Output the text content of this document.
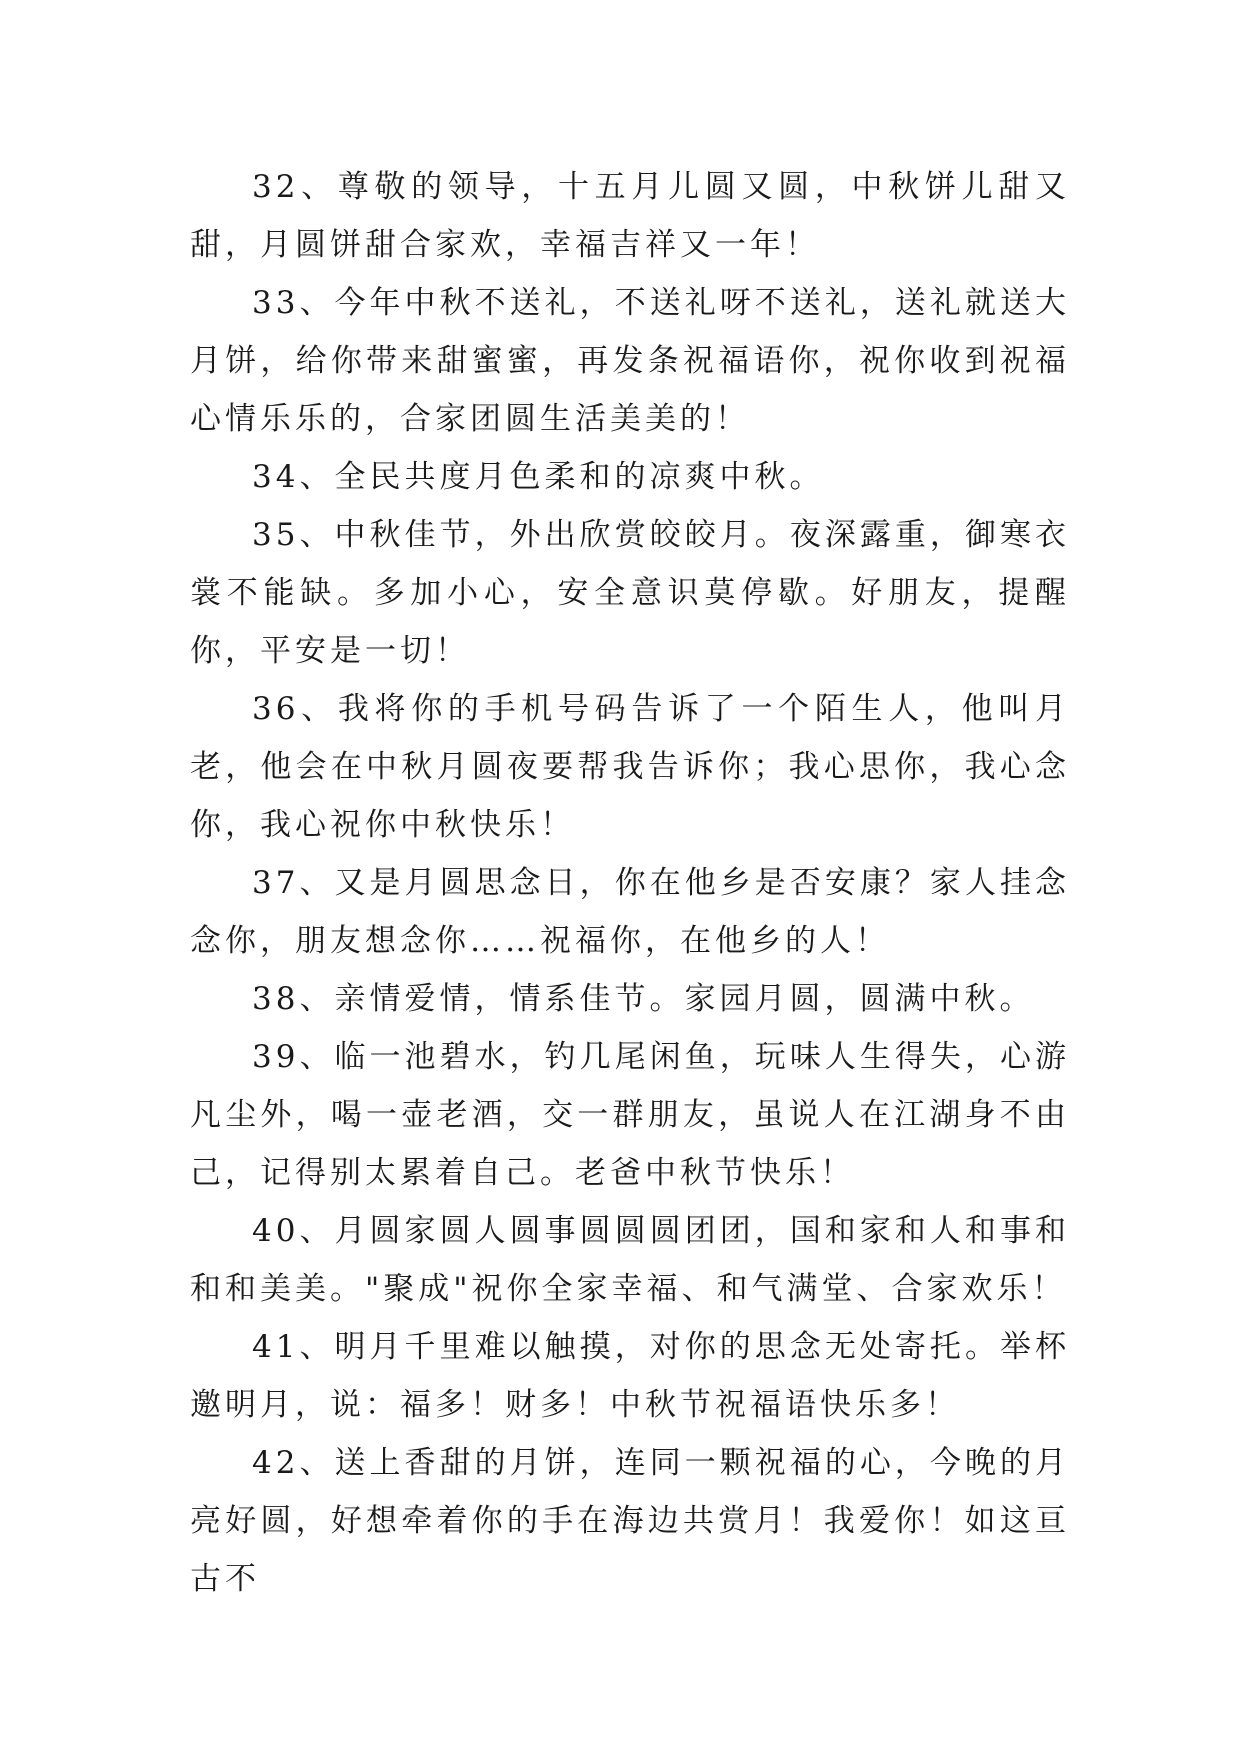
32、尊敬的领导，十五月儿圆又圆，中秋饼儿甜又甜，月圆饼甜合家欢，幸福吉祥又一年！

33、今年中秋不送礼，不送礼呀不送礼，送礼就送大月饼，给你带来甜蜜蜜，再发条祝福语你，祝你收到祝福心情乐乐的，合家团圆生活美美的！

34、全民共度月色柔和的凉爽中秋。

35、中秋佳节，外出欣赏皎皎月。夜深露重，御寒衣裳不能缺。多加小心，安全意识莫停歇。好朋友，提醒你，平安是一切！

36、我将你的手机号码告诉了一个陌生人，他叫月老，他会在中秋月圆夜要帮我告诉你；我心思你，我心念你，我心祝你中秋快乐！

37、又是月圆思念日，你在他乡是否安康？家人挂念念你，朋友想念你……祝福你，在他乡的人！

38、亲情爱情，情系佳节。家园月圆，圆满中秋。

39、临一池碧水，钓几尾闲鱼，玩味人生得失，心游凡尘外，喝一壶老酒，交一群朋友，虽说人在江湖身不由己，记得别太累着自己。老爸中秋节快乐！

40、月圆家圆人圆事圆圆圆团团，国和家和人和事和和和美美。"聚成"祝你全家幸福、和气满堂、合家欢乐！

41、明月千里难以触摸，对你的思念无处寄托。举杯邀明月，说：福多！财多！中秋节祝福语快乐多！

42、送上香甜的月饼，连同一颗祝福的心，今晚的月亮好圆，好想牵着你的手在海边共赏月！我爱你！如这亘古不
